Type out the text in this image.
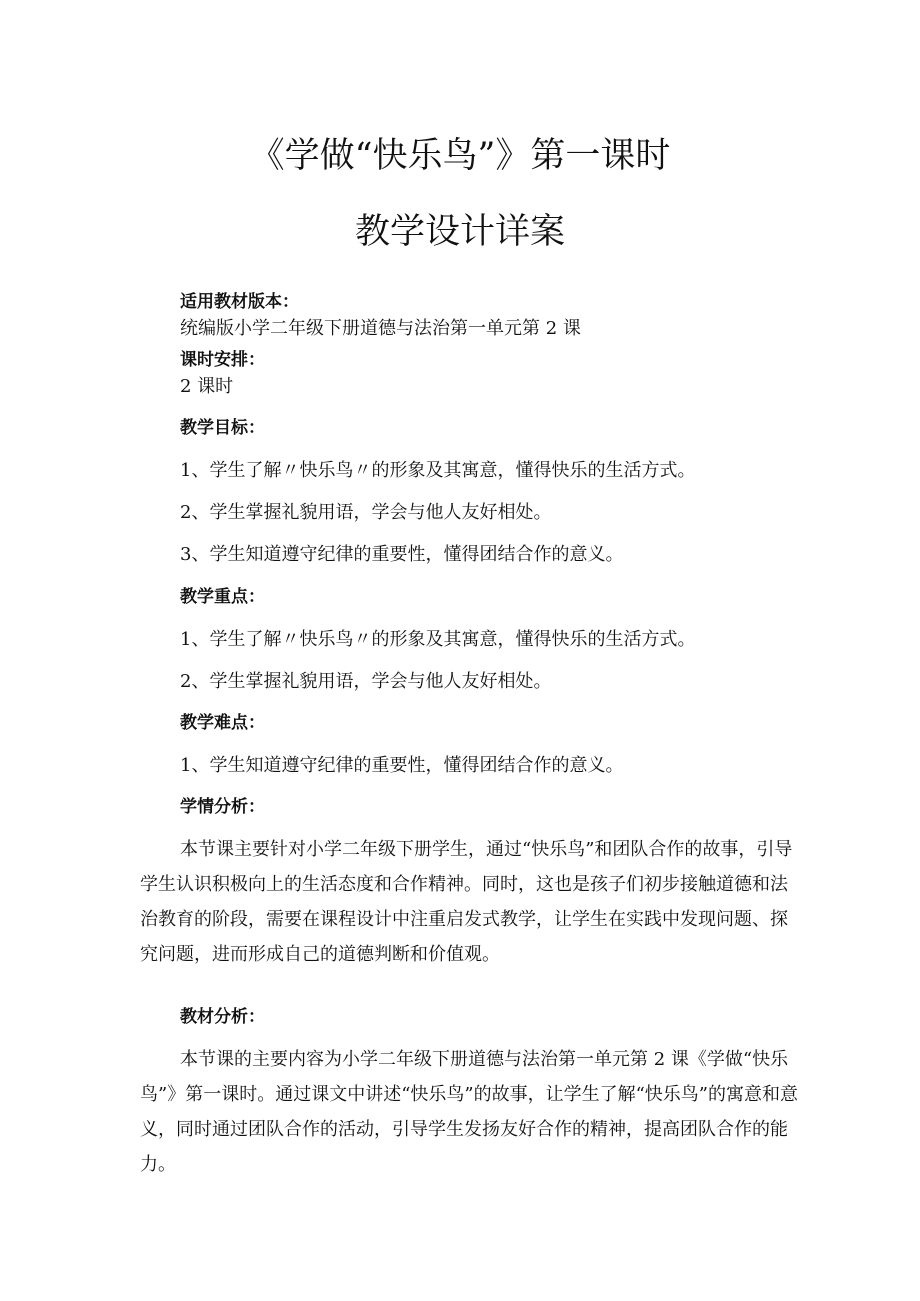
《学做“快乐鸟”》第一课时
教学设计详案

适用教材版本：

统编版小学二年级下册道德与法治第一单元第 2 课

课时安排：

2 课时

教学目标：

1、学生了解〃快乐鸟〃的形象及其寓意，懂得快乐的生活方式。

2、学生掌握礼貌用语，学会与他人友好相处。

3、学生知道遵守纪律的重要性，懂得团结合作的意义。

教学重点：

1、学生了解〃快乐鸟〃的形象及其寓意，懂得快乐的生活方式。

2、学生掌握礼貌用语，学会与他人友好相处。

教学难点：

1、学生知道遵守纪律的重要性，懂得团结合作的意义。

学情分析：

本节课主要针对小学二年级下册学生，通过“快乐鸟”和团队合作的故事，引导学生认识积极向上的生活态度和合作精神。同时，这也是孩子们初步接触道德和法治教育的阶段，需要在课程设计中注重启发式教学，让学生在实践中发现问题、探究问题，进而形成自己的道德判断和价值观。

教材分析：

本节课的主要内容为小学二年级下册道德与法治第一单元第 2 课《学做“快乐鸟”》第一课时。通过课文中讲述“快乐鸟”的故事，让学生了解“快乐鸟”的寓意和意义，同时通过团队合作的活动，引导学生发扬友好合作的精神，提高团队合作的能力。
